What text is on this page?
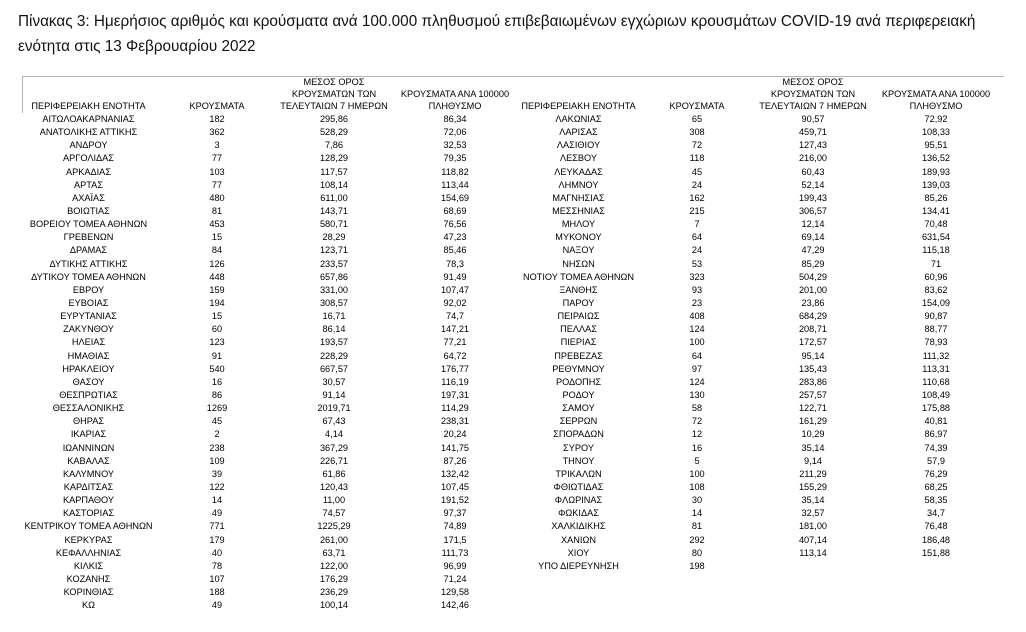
Πίνακας 3: Ημερήσιος αριθμός και κρούσματα ανά 100.000 πληθυσμού επιβεβαιωμένων εγχώριων κρουσμάτων COVID-19 ανά περιφερειακή
ενότητα στις 13 Φεβρουαρίου 2022
ΠΕΡΙΦΕΡΕΙΑΚΗ ΕΝΟΤΗΤΑ	ΚΡΟΥΣΜΑΤΑ	ΜΕΣΟΣ ΟΡΟΣ
ΚΡΟΥΣΜΑΤΩΝ ΤΩΝ
ΤΕΛΕΥΤΑΙΩΝ 7 ΗΜΕΡΩΝ	ΚΡΟΥΣΜΑΤΑ ΑΝΑ 100000
ΠΛΗΘΥΣΜΟ	ΠΕΡΙΦΕΡΕΙΑΚΗ ΕΝΟΤΗΤΑ	ΚΡΟΥΣΜΑΤΑ	ΜΕΣΟΣ ΟΡΟΣ
ΚΡΟΥΣΜΑΤΩΝ ΤΩΝ
ΤΕΛΕΥΤΑΙΩΝ 7 ΗΜΕΡΩΝ	ΚΡΟΥΣΜΑΤΑ ΑΝΑ 100000
ΠΛΗΘΥΣΜΟ

ΑΙΤΩΛΟΑΚΑΡΝΑΝΙΑΣ	182	295,86	86,34	ΛΑΚΩΝΙΑΣ	65	90,57	72,92
ΑΝΑΤΟΛΙΚΗΣ ΑΤΤΙΚΗΣ	362	528,29	72,06	ΛΑΡΙΣΑΣ	308	459,71	108,33
ΑΝΔΡΟΥ	3	7,86	32,53	ΛΑΣΙΘΙΟΥ	72	127,43	95,51
ΑΡΓΟΛΙΔΑΣ	77	128,29	79,35	ΛΕΣΒΟΥ	118	216,00	136,52
ΑΡΚΑΔΙΑΣ	103	117,57	118,82	ΛΕΥΚΑΔΑΣ	45	60,43	189,93
ΑΡΤΑΣ	77	108,14	113,44	ΛΗΜΝΟΥ	24	52,14	139,03
ΑΧΑΪΑΣ	480	611,00	154,69	ΜΑΓΝΗΣΙΑΣ	162	199,43	85,26
ΒΟΙΩΤΙΑΣ	81	143,71	68,69	ΜΕΣΣΗΝΙΑΣ	215	306,57	134,41
ΒΟΡΕΙΟΥ ΤΟΜΕΑ ΑΘΗΝΩΝ	453	580,71	76,56	ΜΗΛΟΥ	7	12,14	70,48
ΓΡΕΒΕΝΩΝ	15	28,29	47,23	ΜΥΚΟΝΟΥ	64	69,14	631,54
ΔΡΑΜΑΣ	84	123,71	85,46	ΝΑΞΟΥ	24	47,29	115,18
ΔΥΤΙΚΗΣ ΑΤΤΙΚΗΣ	126	233,57	78,3	ΝΗΣΩΝ	53	85,29	71
ΔΥΤΙΚΟΥ ΤΟΜΕΑ ΑΘΗΝΩΝ	448	657,86	91,49	ΝΟΤΙΟΥ ΤΟΜΕΑ ΑΘΗΝΩΝ	323	504,29	60,96
ΕΒΡΟΥ	159	331,00	107,47	ΞΑΝΘΗΣ	93	201,00	83,62
ΕΥΒΟΙΑΣ	194	308,57	92,02	ΠΑΡΟΥ	23	23,86	154,09
ΕΥΡΥΤΑΝΙΑΣ	15	16,71	74,7	ΠΕΙΡΑΙΩΣ	408	684,29	90,87
ΖΑΚΥΝΘΟΥ	60	86,14	147,21	ΠΕΛΛΑΣ	124	208,71	88,77
ΗΛΕΙΑΣ	123	193,57	77,21	ΠΙΕΡΙΑΣ	100	172,57	78,93
ΗΜΑΘΙΑΣ	91	228,29	64,72	ΠΡΕΒΕΖΑΣ	64	95,14	111,32
ΗΡΑΚΛΕΙΟΥ	540	667,57	176,77	ΡΕΘΥΜΝΟΥ	97	135,43	113,31
ΘΑΣΟΥ	16	30,57	116,19	ΡΟΔΟΠΗΣ	124	283,86	110,68
ΘΕΣΠΡΩΤΙΑΣ	86	91,14	197,31	ΡΟΔΟΥ	130	257,57	108,49
ΘΕΣΣΑΛΟΝΙΚΗΣ	1269	2019,71	114,29	ΣΑΜΟΥ	58	122,71	175,88
ΘΗΡΑΣ	45	67,43	238,31	ΣΕΡΡΩΝ	72	161,29	40,81
ΙΚΑΡΙΑΣ	2	4,14	20,24	ΣΠΟΡΑΔΩΝ	12	10,29	86,97
ΙΩΑΝΝΙΝΩΝ	238	367,29	141,75	ΣΥΡΟΥ	16	35,14	74,39
ΚΑΒΑΛΑΣ	109	226,71	87,26	ΤΗΝΟΥ	5	9,14	57,9
ΚΑΛΥΜΝΟΥ	39	61,86	132,42	ΤΡΙΚΑΛΩΝ	100	211,29	76,29
ΚΑΡΔΙΤΣΑΣ	122	120,43	107,45	ΦΘΙΩΤΙΔΑΣ	108	155,29	68,25
ΚΑΡΠΑΘΟΥ	14	11,00	191,52	ΦΛΩΡΙΝΑΣ	30	35,14	58,35
ΚΑΣΤΟΡΙΑΣ	49	74,57	97,37	ΦΩΚΙΔΑΣ	14	32,57	34,7
ΚΕΝΤΡΙΚΟΥ ΤΟΜΕΑ ΑΘΗΝΩΝ	771	1225,29	74,89	ΧΑΛΚΙΔΙΚΗΣ	81	181,00	76,48
ΚΕΡΚΥΡΑΣ	179	261,00	171,5	ΧΑΝΙΩΝ	292	407,14	186,48
ΚΕΦΑΛΛΗΝΙΑΣ	40	63,71	111,73	ΧΙΟΥ	80	113,14	151,88
ΚΙΛΚΙΣ	78	122,00	96,99	ΥΠΟ ΔΙΕΡΕΥΝΗΣΗ	198		
ΚΟΖΑΝΗΣ	107	176,29	71,24				
ΚΟΡΙΝΘΙΑΣ	188	236,29	129,58				
ΚΩ	49	100,14	142,46				
